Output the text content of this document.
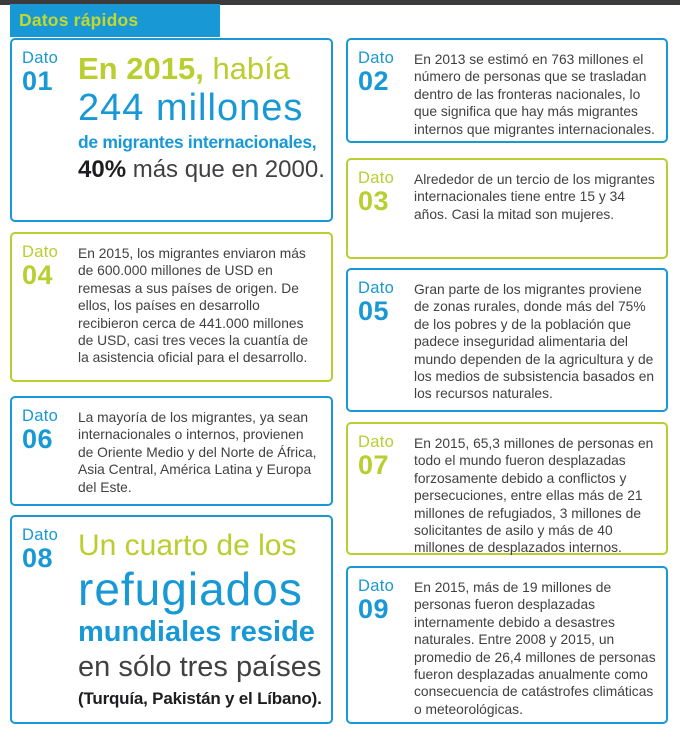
Datos rápidos
Dato
01 En 2015, había
244 millones
de migrantes internacionales,
40% más que en 2000.
Dato
02
En 2013 se estimó en 763 millones el número de personas que se trasladan dentro de las fronteras nacionales, lo que significa que hay más migrantes internos que migrantes internacionales.
Dato
03
Alrededor de un tercio de los migrantes internacionales tiene entre 15 y 34 años. Casi la mitad son mujeres.
Dato
04
En 2015, los migrantes enviaron más de 600.000 millones de USD en remesas a sus países de origen. De ellos, los países en desarrollo recibieron cerca de 441.000 millones de USD, casi tres veces la cuantía de la asistencia oficial para el desarrollo.
Dato
05
Gran parte de los migrantes proviene de zonas rurales, donde más del 75% de los pobres y de la población que padece inseguridad alimentaria del mundo dependen de la agricultura y de los medios de subsistencia basados en los recursos naturales.
Dato
06
La mayoría de los migrantes, ya sean internacionales o internos, provienen de Oriente Medio y del Norte de África, Asia Central, América Latina y Europa del Este.
Dato
07
En 2015, 65,3 millones de personas en todo el mundo fueron desplazadas forzosamente debido a conflictos y persecuciones, entre ellas más de 21 millones de refugiados, 3 millones de solicitantes de asilo y más de 40 millones de desplazados internos.
Dato
08 Un cuarto de los
refugiados
mundiales reside
en sólo tres países
(Turquía, Pakistán y el Líbano).
Dato
09
En 2015, más de 19 millones de personas fueron desplazadas internamente debido a desastres naturales. Entre 2008 y 2015, un promedio de 26,4 millones de personas fueron desplazadas anualmente como consecuencia de catástrofes climáticas o meteorológicas.
